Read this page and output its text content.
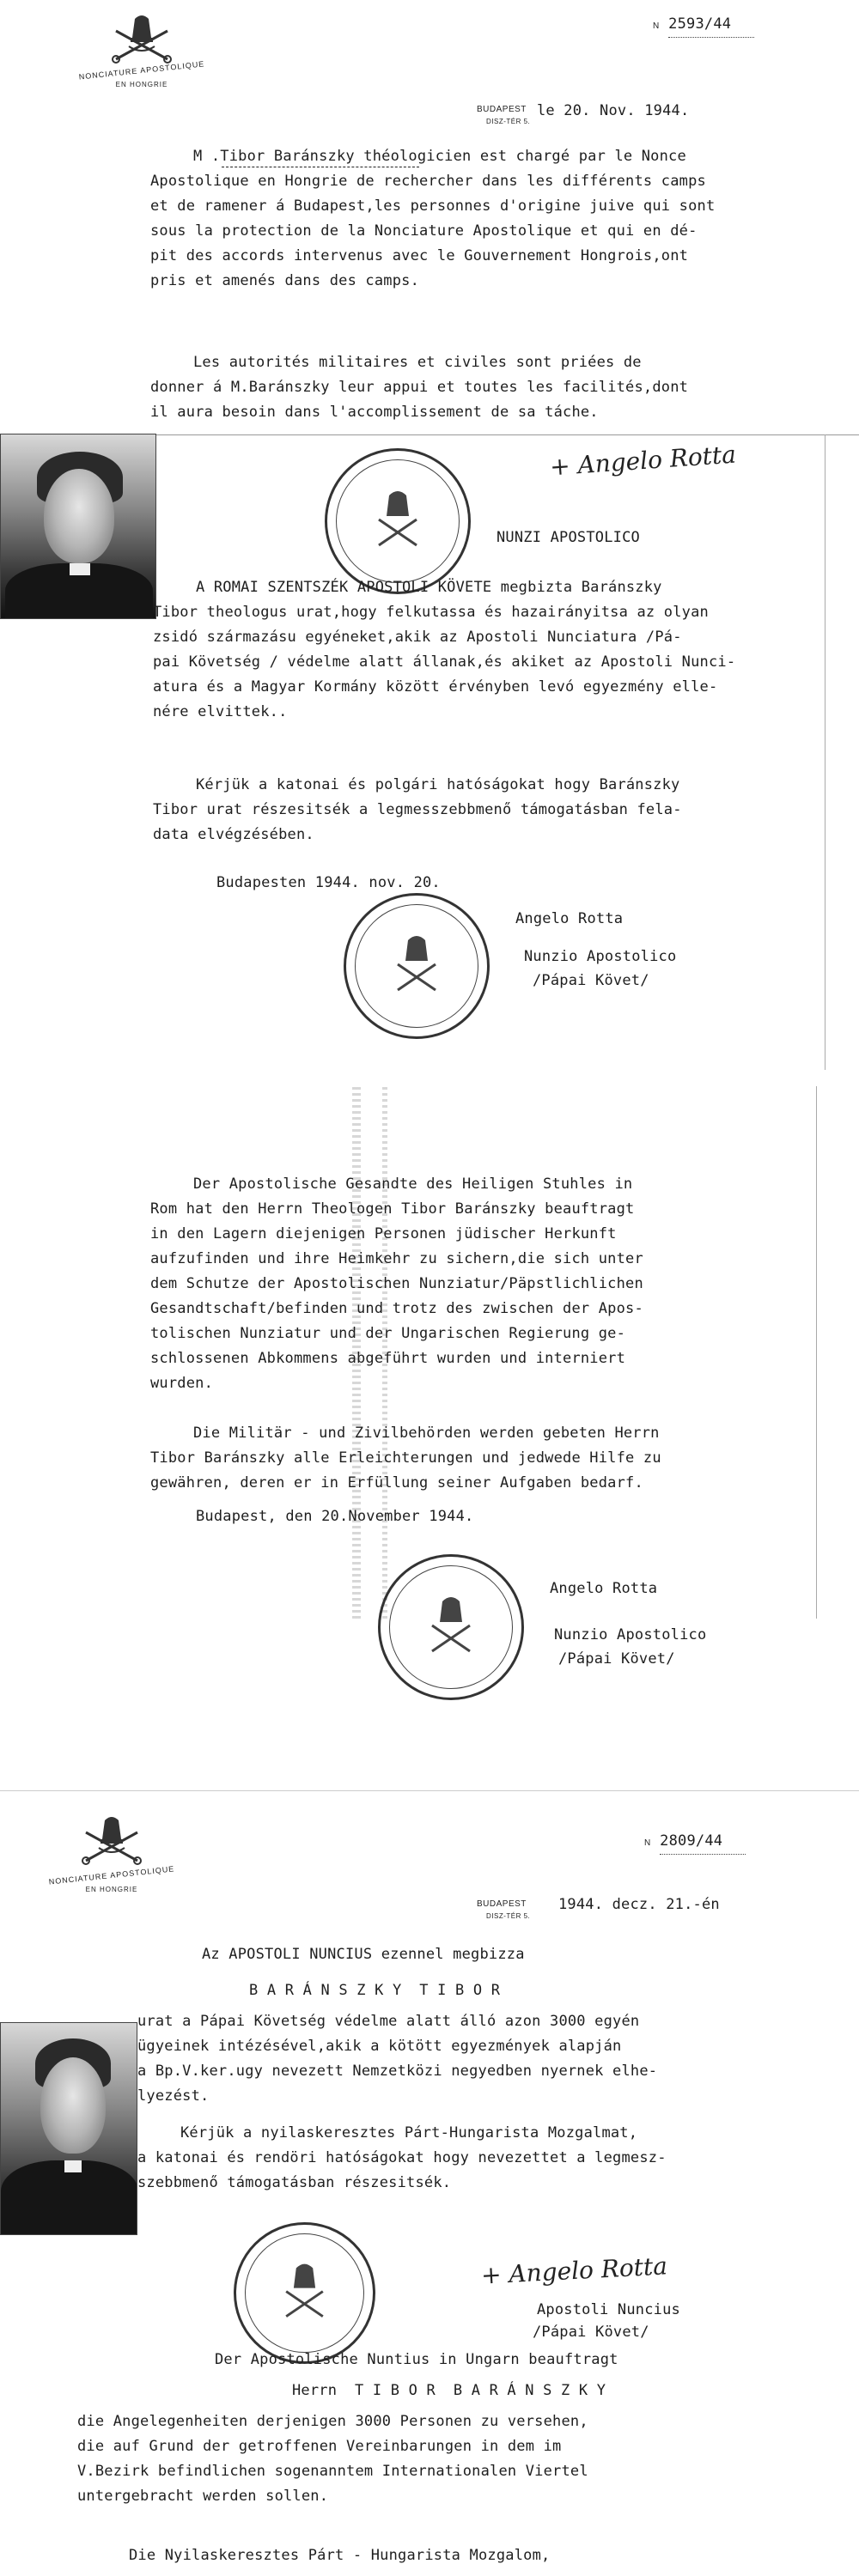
NONCIATURE APOSTOLIQUE
EN HONGRIE
N 2593/44
BUDAPEST
DISZ-TÉR 5.
le 20. Nov. 1944.
M .Tibor Baránszky théologicien est chargé par le Nonce
Apostolique en Hongrie de rechercher dans les différents camps
et de ramener á Budapest,les personnes d'origine juive qui sont
sous la protection de la Nonciature Apostolique et qui en dé-
pit des accords intervenus avec le Gouvernement Hongrois,ont
pris et amenés dans des camps.
Les autorités militaires et civiles sont priées de
donner á M.Baránszky leur appui et toutes les facilités,dont
il aura besoin dans l'accomplissement de sa táche.
+ Angelo Rotta
NUNZI APOSTOLICO
A ROMAI SZENTSZÉK APOSTOLI KÖVETE megbizta Baránszky
Tibor theologus urat,hogy felkutassa és hazairányitsa az olyan
zsidó származásu egyéneket,akik az Apostoli Nunciatura /Pá-
pai Követség / védelme alatt állanak,és akiket az Apostoli Nunci-
atura és a Magyar Kormány között érvényben levó egyezmény elle-
nére elvittek..
Kérjük a katonai és polgári hatóságokat hogy Baránszky
Tibor urat részesitsék a legmesszebbmenő támogatásban fela-
data elvégzésében.
Budapesten 1944. nov. 20.
Angelo Rotta
Nunzio Apostolico
/Pápai Követ/
Der Apostolische Gesandte des Heiligen Stuhles in
Rom hat den Herrn Theologen Tibor Baránszky beauftragt
in den Lagern diejenigen Personen jüdischer Herkunft
aufzufinden und ihre Heimkehr zu sichern,die sich unter
dem Schutze der Apostolischen Nunziatur/Päpstlichlichen
Gesandtschaft/befinden und trotz des zwischen der Apos-
tolischen Nunziatur und der Ungarischen Regierung ge-
schlossenen Abkommens abgeführt wurden und interniert
wurden.
Die Militär - und Zivilbehörden werden gebeten Herrn
Tibor Baránszky alle Erleichterungen und jedwede Hilfe zu
gewähren, deren er in Erfüllung seiner Aufgaben bedarf.
Budapest, den 20.November 1944.
Angelo Rotta
Nunzio Apostolico
/Pápai Követ/
NONCIATURE APOSTOLIQUE
EN HONGRIE
N 2809/44
BUDAPEST
DISZ-TÉR 5.
1944. decz. 21.-én
Az APOSTOLI NUNCIUS ezennel megbizza
B A R Á N S Z K Y  T I B O R
urat a Pápai Követség védelme alatt álló azon 3000 egyén
ügyeinek intézésével,akik a kötött egyezmények alapján
a Bp.V.ker.ugy nevezett Nemzetközi negyedben nyernek elhe-
lyezést.
Kérjük a nyilaskeresztes Párt-Hungarista Mozgalmat,
a katonai és rendöri hatóságokat hogy nevezettet a legmesz-
szebbmenő támogatásban részesitsék.
+ Angelo Rotta
Apostoli Nuncius
/Pápai Követ/
Der Apostolische Nuntius in Ungarn beauftragt
Herrn  T I B O R  B A R Á N S Z K Y
die Angelegenheiten derjenigen 3000 Personen zu versehen,
die auf Grund der getroffenen Vereinbarungen in dem im
V.Bezirk befindlichen sogenanntem Internationalen Viertel
untergebracht werden sollen.
Die Nyilaskeresztes Párt - Hungarista Mozgalom,
